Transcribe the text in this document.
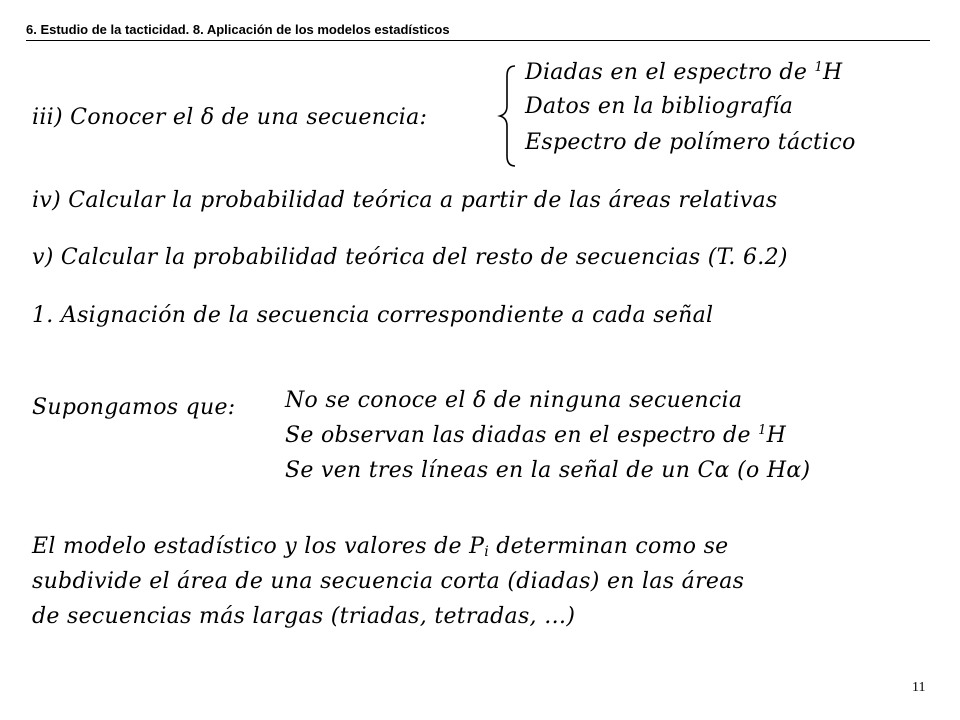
6. Estudio de la tacticidad. 8. Aplicación de los modelos estadísticos
iii) Conocer el δ de una secuencia:
Diadas en el espectro de $^1$H
Datos en la bibliografía
Espectro de polímero táctico
iv) Calcular la probabilidad teórica a partir de las áreas relativas
v) Calcular la probabilidad teórica del resto de secuencias (T. 6.2)
1. Asignación de la secuencia correspondiente a cada señal
Supongamos que: No se conoce el δ de ninguna secuencia
Se observan las diadas en el espectro de $^1$H
Se ven tres líneas en la señal de un Cα (o Hα)
El modelo estadístico y los valores de $P_i$ determinan como se
subdivide el área de una secuencia corta (diadas) en las áreas
de secuencias más largas (triadas, tetradas, …)
11
